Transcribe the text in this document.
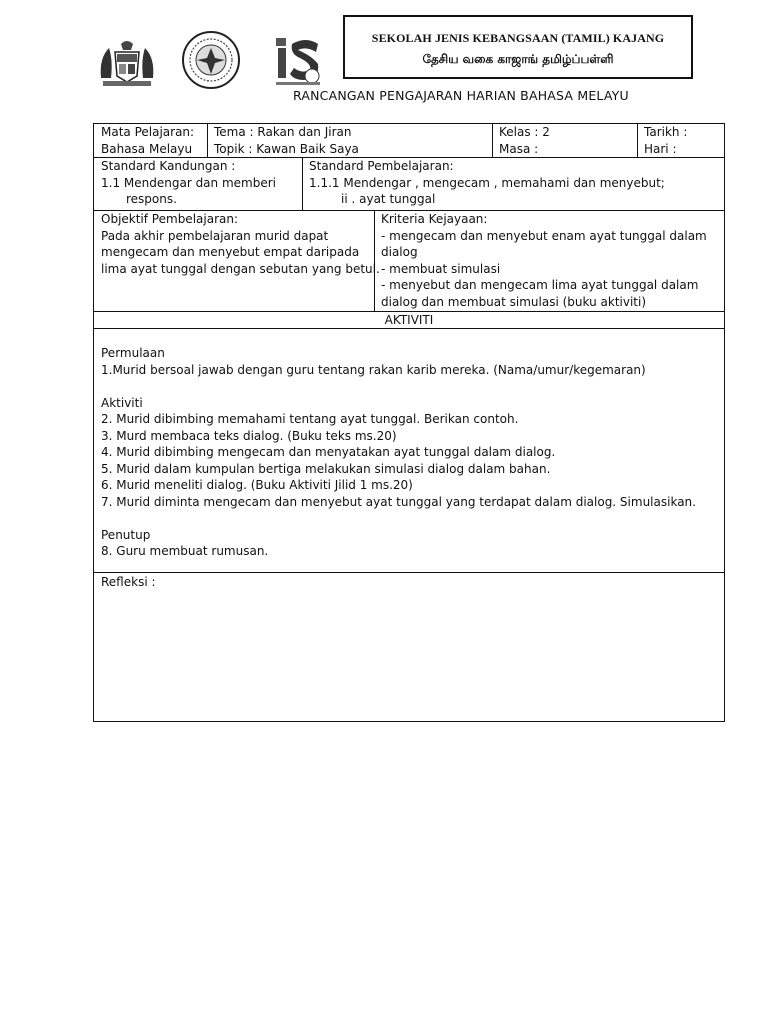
SEKOLAH JENIS KEBANGSAAN (TAMIL) KAJANG
தேசிய வகை காஜாங் தமிழ்ப்பள்ளி
RANCANGAN PENGAJARAN HARIAN BAHASA MELAYU
Mata Pelajaran:
Bahasa Melayu
Tema : Rakan dan Jiran
Topik : Kawan Baik Saya
Kelas : 2
Masa :
Tarikh :
Hari :
Standard Kandungan :
1.1 Mendengar dan memberi
respons.
Standard Pembelajaran:
1.1.1 Mendengar , mengecam , memahami dan menyebut;
ii . ayat tunggal
Objektif Pembelajaran:
Pada akhir pembelajaran murid dapat
mengecam dan menyebut empat daripada
lima ayat tunggal dengan sebutan yang betul.
Kriteria Kejayaan:
- mengecam dan menyebut enam ayat tunggal dalam
dialog
- membuat simulasi
- menyebut dan mengecam lima ayat tunggal dalam
dialog dan membuat simulasi (buku aktiviti)
AKTIVITI
Permulaan
1.Murid bersoal jawab dengan guru tentang rakan karib mereka. (Nama/umur/kegemaran)
Aktiviti
2. Murid dibimbing memahami tentang ayat tunggal. Berikan contoh.
3. Murd membaca teks dialog. (Buku teks ms.20)
4. Murid dibimbing mengecam dan menyatakan ayat tunggal dalam dialog.
5. Murid dalam kumpulan bertiga melakukan simulasi dialog dalam bahan.
6. Murid meneliti dialog. (Buku Aktiviti Jilid 1 ms.20)
7. Murid diminta mengecam dan menyebut ayat tunggal yang terdapat dalam dialog. Simulasikan.
Penutup
8. Guru membuat rumusan.
Refleksi :
